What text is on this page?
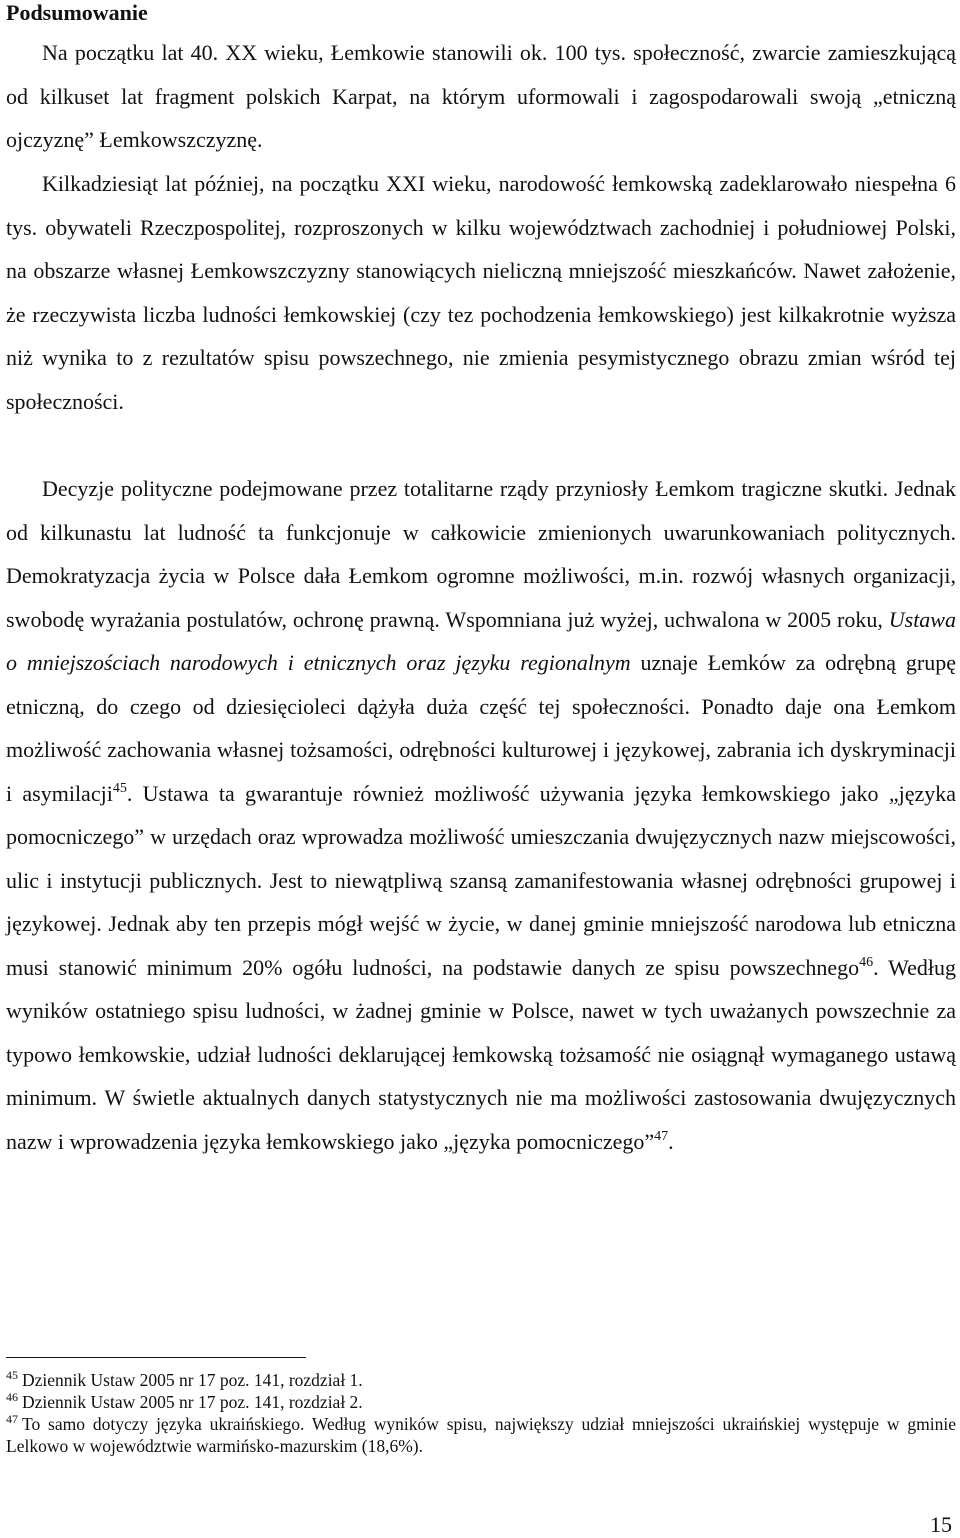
Podsumowanie

Na początku lat 40. XX wieku, Łemkowie stanowili ok. 100 tys. społeczność, zwarcie zamieszkującą od kilkuset lat fragment polskich Karpat, na którym uformowali i zagospodarowali swoją „etniczną ojczyznę” Łemkowszczyznę.

Kilkadziesiąt lat później, na początku XXI wieku, narodowość łemkowską zadeklarowało niespełna 6 tys. obywateli Rzeczpospolitej, rozproszonych w kilku województwach zachodniej i południowej Polski, na obszarze własnej Łemkowszczyzny stanowiących nieliczną mniejszość mieszkańców. Nawet założenie, że rzeczywista liczba ludności łemkowskiej (czy tez pochodzenia łemkowskiego) jest kilkakrotnie wyższa niż wynika to z rezultatów spisu powszechnego, nie zmienia pesymistycznego obrazu zmian wśród tej społeczności.

Decyzje polityczne podejmowane przez totalitarne rządy przyniosły Łemkom tragiczne skutki. Jednak od kilkunastu lat ludność ta funkcjonuje w całkowicie zmienionych uwarunkowaniach politycznych. Demokratyzacja życia w Polsce dała Łemkom ogromne możliwości, m.in. rozwój własnych organizacji, swobodę wyrażania postulatów, ochronę prawną. Wspomniana już wyżej, uchwalona w 2005 roku, Ustawa o mniejszościach narodowych i etnicznych oraz języku regionalnym uznaje Łemków za odrębną grupę etniczną, do czego od dziesięcioleci dążyła duża część tej społeczności. Ponadto daje ona Łemkom możliwość zachowania własnej tożsamości, odrębności kulturowej i językowej, zabrania ich dyskryminacji i asymilacji$^{45}$. Ustawa ta gwarantuje również możliwość używania języka łemkowskiego jako „języka pomocniczego” w urzędach oraz wprowadza możliwość umieszczania dwujęzycznych nazw miejscowości, ulic i instytucji publicznych. Jest to niewątpliwą szansą zamanifestowania własnej odrębności grupowej i językowej. Jednak aby ten przepis mógł wejść w życie, w danej gminie mniejszość narodowa lub etniczna musi stanowić minimum 20% ogółu ludności, na podstawie danych ze spisu powszechnego$^{46}$. Według wyników ostatniego spisu ludności, w żadnej gminie w Polsce, nawet w tych uważanych powszechnie za typowo łemkowskie, udział ludności deklarującej łemkowską tożsamość nie osiągnął wymaganego ustawą minimum. W świetle aktualnych danych statystycznych nie ma możliwości zastosowania dwujęzycznych nazw i wprowadzenia języka łemkowskiego jako „języka pomocniczego”$^{47}$.

$^{45}$ Dziennik Ustaw 2005 nr 17 poz. 141, rozdział 1.

$^{46}$ Dziennik Ustaw 2005 nr 17 poz. 141, rozdział 2.

$^{47}$ To samo dotyczy języka ukraińskiego. Według wyników spisu, największy udział mniejszości ukraińskiej występuje w gminie Lelkowo w województwie warmińsko-mazurskim (18,6%).

15
